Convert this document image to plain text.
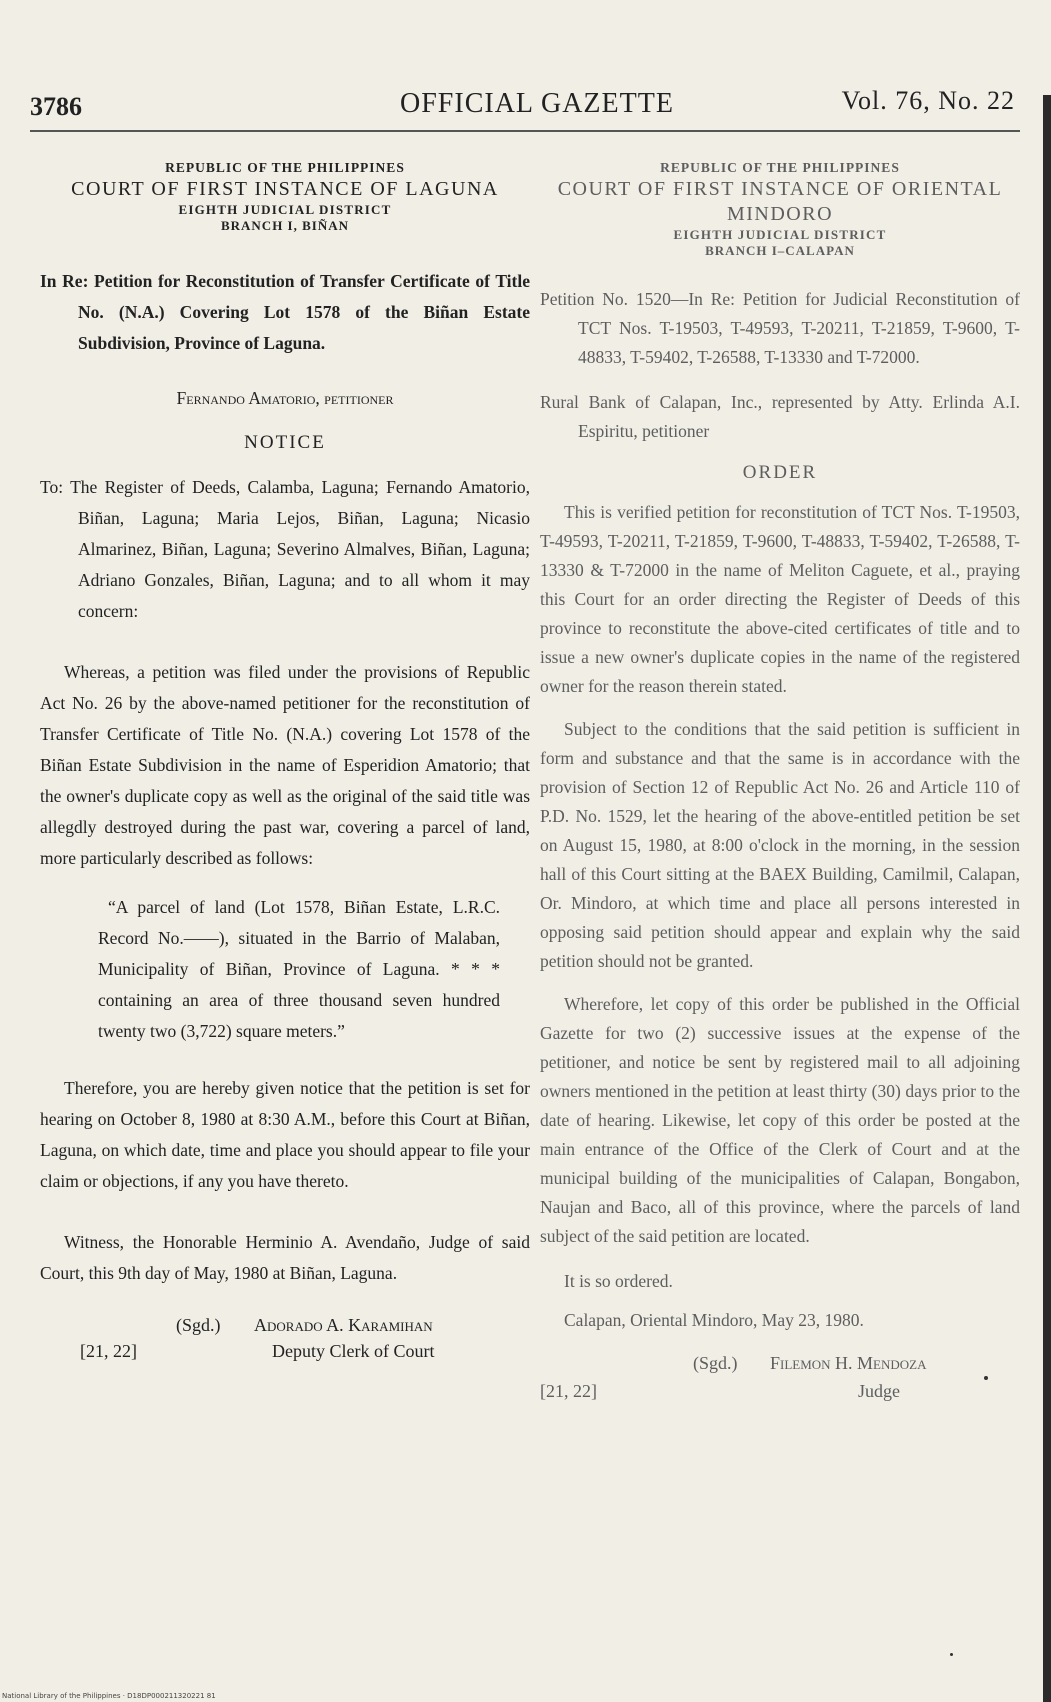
3786	OFFICIAL GAZETTE	Vol. 76, No. 22
REPUBLIC OF THE PHILIPPINES
COURT OF FIRST INSTANCE OF LAGUNA
EIGHTH JUDICIAL DISTRICT
BRANCH I, BIÑAN

In Re: Petition for Reconstitution of Transfer Certificate of Title No. (N.A.) Covering Lot 1578 of the Biñan Estate Subdivision, Province of Laguna.

Fernando Amatorio, petitioner

NOTICE

To: The Register of Deeds, Calamba, Laguna; Fernando Amatorio, Biñan, Laguna; Maria Lejos, Biñan, Laguna; Nicasio Almarinez, Biñan, Laguna; Severino Almalves, Biñan, Laguna; Adriano Gonzales, Biñan, Laguna; and to all whom it may concern:

Whereas, a petition was filed under the provisions of Republic Act No. 26 by the above-named petitioner for the reconstitution of Transfer Certificate of Title No. (N.A.) covering Lot 1578 of the Biñan Estate Subdivision in the name of Esperidion Amatorio; that the owner's duplicate copy as well as the original of the said title was allegdly destroyed during the past war, covering a parcel of land, more particularly described as follows:

“A parcel of land (Lot 1578, Biñan Estate, L.R.C. Record No.——), situated in the Barrio of Malaban, Municipality of Biñan, Province of Laguna. * * * containing an area of three thousand seven hundred twenty two (3,722) square meters.”

Therefore, you are hereby given notice that the petition is set for hearing on October 8, 1980 at 8:30 A.M., before this Court at Biñan, Laguna, on which date, time and place you should appear to file your claim or objections, if any you have thereto.

Witness, the Honorable Herminio A. Avendaño, Judge of said Court, this 9th day of May, 1980 at Biñan, Laguna.

(Sgd.) Adorado A. Karamihan
Deputy Clerk of Court
[21, 22]
REPUBLIC OF THE PHILIPPINES
COURT OF FIRST INSTANCE OF ORIENTAL MINDORO
EIGHTH JUDICIAL DISTRICT
BRANCH I–CALAPAN

Petition No. 1520—In Re: Petition for Judicial Reconstitution of TCT Nos. T-19503, T-49593, T-20211, T-21859, T-9600, T-48833, T-59402, T-26588, T-13330 and T-72000.

Rural Bank of Calapan, Inc., represented by Atty. Erlinda A.I. Espiritu, petitioner

ORDER

This is verified petition for reconstitution of TCT Nos. T-19503, T-49593, T-20211, T-21859, T-9600, T-48833, T-59402, T-26588, T-13330 & T-72000 in the name of Meliton Caguete, et al., praying this Court for an order directing the Register of Deeds of this province to reconstitute the above-cited certificates of title and to issue a new owner's duplicate copies in the name of the registered owner for the reason therein stated.

Subject to the conditions that the said petition is sufficient in form and substance and that the same is in accordance with the provision of Section 12 of Republic Act No. 26 and Article 110 of P.D. No. 1529, let the hearing of the above-entitled petition be set on August 15, 1980, at 8:00 o'clock in the morning, in the session hall of this Court sitting at the BAEX Building, Camilmil, Calapan, Or. Mindoro, at which time and place all persons interested in opposing said petition should appear and explain why the said petition should not be granted.

Wherefore, let copy of this order be published in the Official Gazette for two (2) successive issues at the expense of the petitioner, and notice be sent by registered mail to all adjoining owners mentioned in the petition at least thirty (30) days prior to the date of hearing. Likewise, let copy of this order be posted at the main entrance of the Office of the Clerk of Court and at the municipal building of the municipalities of Calapan, Bongabon, Naujan and Baco, all of this province, where the parcels of land subject of the said petition are located.

It is so ordered.

Calapan, Oriental Mindoro, May 23, 1980.

(Sgd.) Filemon H. Mendoza
Judge
[21, 22]
National Library of the Philippines · D18DP000211320221 81
